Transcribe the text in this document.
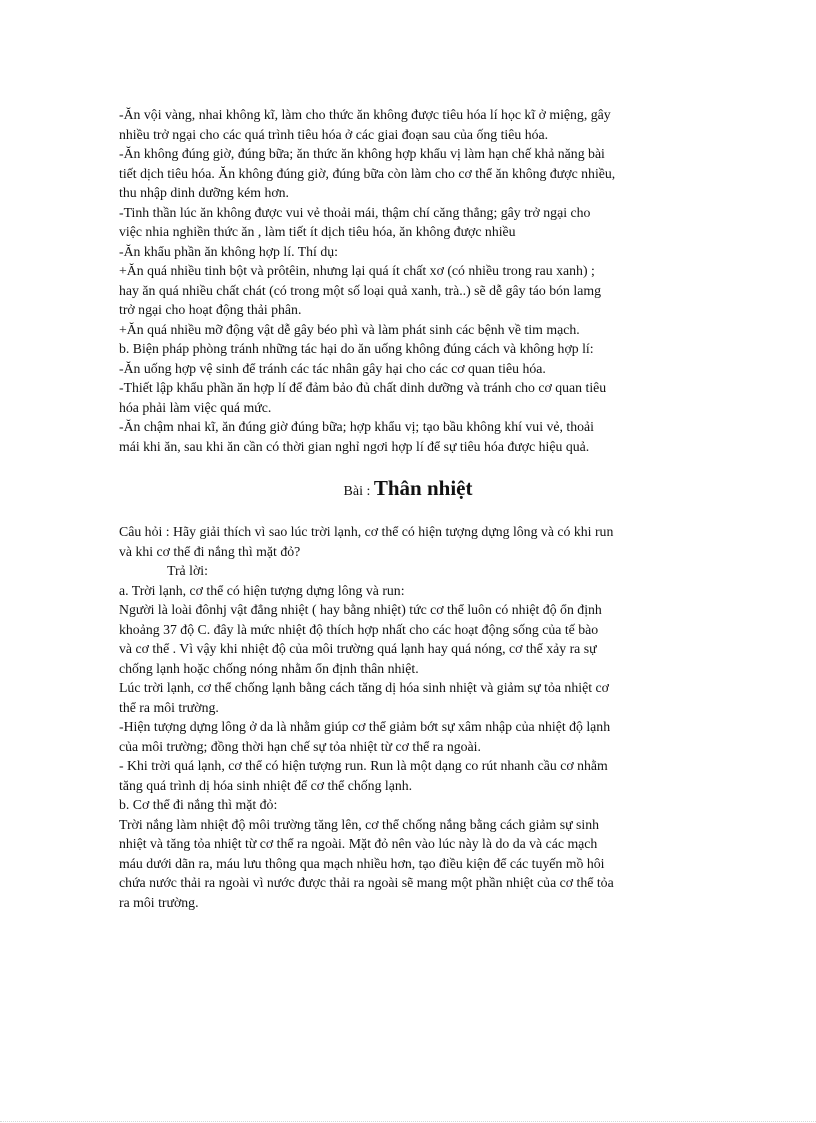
-Ăn vội vàng, nhai không kĩ, làm cho thức ăn không được tiêu hóa lí học kĩ ở miệng, gây
nhiều trở ngại cho các quá trình tiêu hóa ở các giai đoạn sau của ống tiêu hóa.
-Ăn không đúng giờ, đúng bữa; ăn thức ăn không hợp khẩu vị làm hạn chế khả năng bài
tiết dịch tiêu hóa. Ăn không đúng giờ, đúng bữa còn làm cho cơ thể ăn không được nhiều,
thu nhập dinh dưỡng kém hơn.
-Tinh thần lúc ăn không được vui vẻ thoải mái, thậm chí căng thẳng; gây trở ngại cho
việc nhia nghiền thức ăn , làm tiết ít dịch tiêu hóa, ăn không được nhiều
-Ăn khẩu phần ăn không hợp lí. Thí dụ:
+Ăn quá nhiều tinh bột và prôtêin, nhưng lại quá ít chất xơ (có nhiều trong rau xanh) ;
hay ăn quá nhiều chất chát (có trong một số loại quả xanh, trà..) sẽ dễ gây táo bón lamg
trở ngại cho hoạt động thải phân.
+Ăn quá nhiều mỡ động vật dễ gây béo phì và làm phát sinh các bệnh về tim mạch.
b. Biện pháp phòng tránh những tác hại do ăn uống không đúng cách và không hợp lí:
-Ăn uống hợp vệ sinh để tránh các tác nhân gây hại cho các cơ quan tiêu hóa.
-Thiết lập khẩu phần ăn hợp lí để đảm bảo đủ chất dinh dưỡng và tránh cho cơ quan tiêu
hóa phải làm việc quá mức.
-Ăn chậm nhai kĩ, ăn đúng giờ đúng bữa; hợp khẩu vị; tạo bầu không khí vui vẻ, thoải
mái khi ăn, sau khi ăn cần có thời gian nghỉ ngơi hợp lí để sự tiêu hóa được hiệu quả.
Bài : Thân nhiệt
Câu hỏi : Hãy giải thích vì sao lúc trời lạnh, cơ thể có hiện tượng dựng lông và có khi run
và khi cơ thể đi nắng thì mặt đỏ?
Trả lời:
a. Trời lạnh, cơ thể có hiện tượng dựng lông và run:
Người là loài đônhj vật đẳng nhiệt ( hay bằng nhiệt) tức cơ thể luôn có nhiệt độ ổn định
khoảng 37 độ C. đây là mức nhiệt độ thích hợp nhất cho các hoạt động sống của tế bào
và cơ thể . Vì vậy khi nhiệt độ của môi trường quá lạnh hay quá nóng, cơ thể xảy ra sự
chống lạnh hoặc chống nóng nhằm ổn định thân nhiệt.
Lúc trời lạnh, cơ thể chống lạnh bằng cách tăng dị hóa sinh nhiệt và giảm sự tỏa nhiệt cơ
thể ra môi trường.
-Hiện tượng dựng lông ở da là nhằm giúp cơ thể giảm bớt sự xâm nhập của nhiệt độ lạnh
của môi trường; đồng thời hạn chế sự tỏa nhiệt từ cơ thể ra ngoài.
- Khi trời quá lạnh, cơ thể có hiện tượng run. Run là một dạng co rút nhanh cầu cơ nhằm
tăng quá trình dị hóa sinh nhiệt để cơ thể chống lạnh.
b. Cơ thể đi nắng thì mặt đỏ:
Trời nắng làm nhiệt độ môi trường tăng lên, cơ thể chống nắng bằng cách giảm sự sinh
nhiệt và tăng tỏa nhiệt từ cơ thể ra ngoài. Mặt đỏ nên vào lúc này là do da và các mạch
máu dưới dãn ra, máu lưu thông qua mạch nhiều hơn, tạo điều kiện để các tuyến mồ hôi
chứa nước thải ra ngoài vì nước được thải ra ngoài sẽ mang một phần nhiệt của cơ thể tỏa
ra môi trường.
